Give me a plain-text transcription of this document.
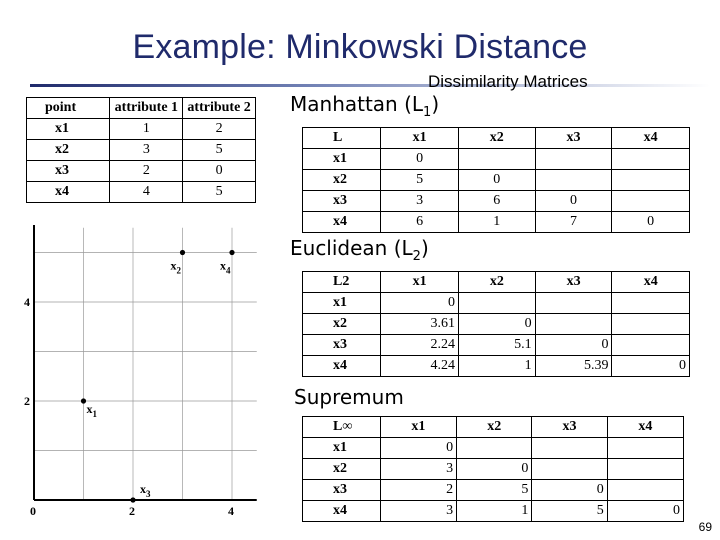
Example: Minkowski Distance
Dissimilarity Matrices
point	attribute 1	attribute 2
x1	1	2
x2	3	5
x3	2	0
x4	4	5
0	2	4
2
4
$x_1$
$x_2$
$x_3$
$x_4$
Manhattan $(L_1)$
L	x1	x2	x3	x4
x1	0			
x2	5	0		
x3	3	6	0	
x4	6	1	7	0
Euclidean $(L_2)$
L2	x1	x2	x3	x4
x1	0			
x2	3.61	0		
x3	2.24	5.1	0	
x4	4.24	1	5.39	0
Supremum
L∞	x1	x2	x3	x4
x1	0			
x2	3	0		
x3	2	5	0	
x4	3	1	5	0
69
